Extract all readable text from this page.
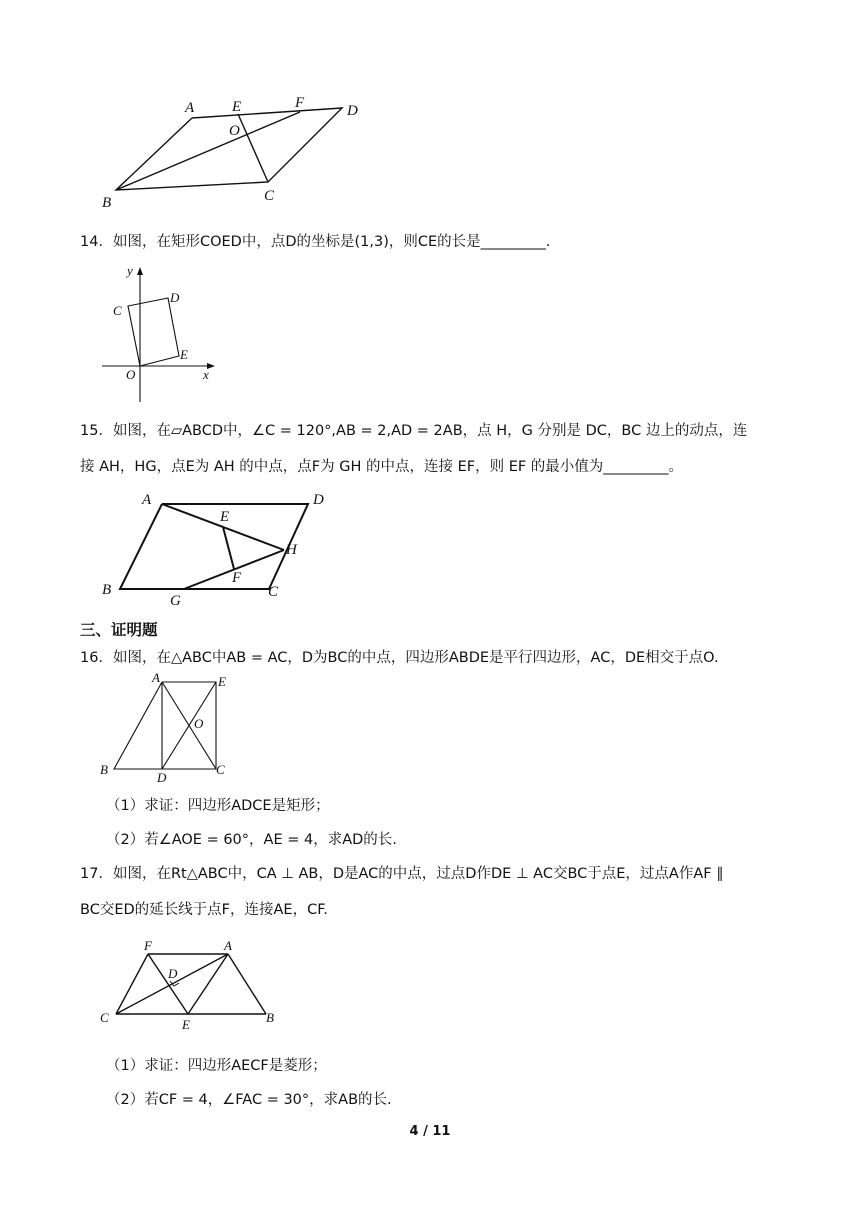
A	E	F	D
O
B	C
14．如图，在矩形COED中，点D的坐标是(1,3)，则CE的长是_________.
y
x
C
D
E
O
15．如图，在▱ABCD中，∠C = 120°,AB = 2,AD = 2AB，点 H，G 分别是 DC，BC 边上的动点，连
接 AH，HG，点E为 AH 的中点，点F为 GH 的中点，连接 EF，则 EF 的最小值为_________。
A	D
E
H
F
B
G
C
三、证明题
16．如图，在△ABC中AB = AC，D为BC的中点，四边形ABDE是平行四边形，AC，DE相交于点O.
A	E
O
B
D
C
（1）求证：四边形ADCE是矩形；
（2）若∠AOE = 60°，AE = 4，求AD的长.
17．如图，在Rt△ABC中，CA ⊥ AB，D是AC的中点，过点D作DE ⊥ AC交BC于点E，过点A作AF ∥
BC交ED的延长线于点F，连接AE，CF.
F	A
D
C	E	B
（1）求证：四边形AECF是菱形；
（2）若CF = 4，∠FAC = 30°，求AB的长.
4 / 11
